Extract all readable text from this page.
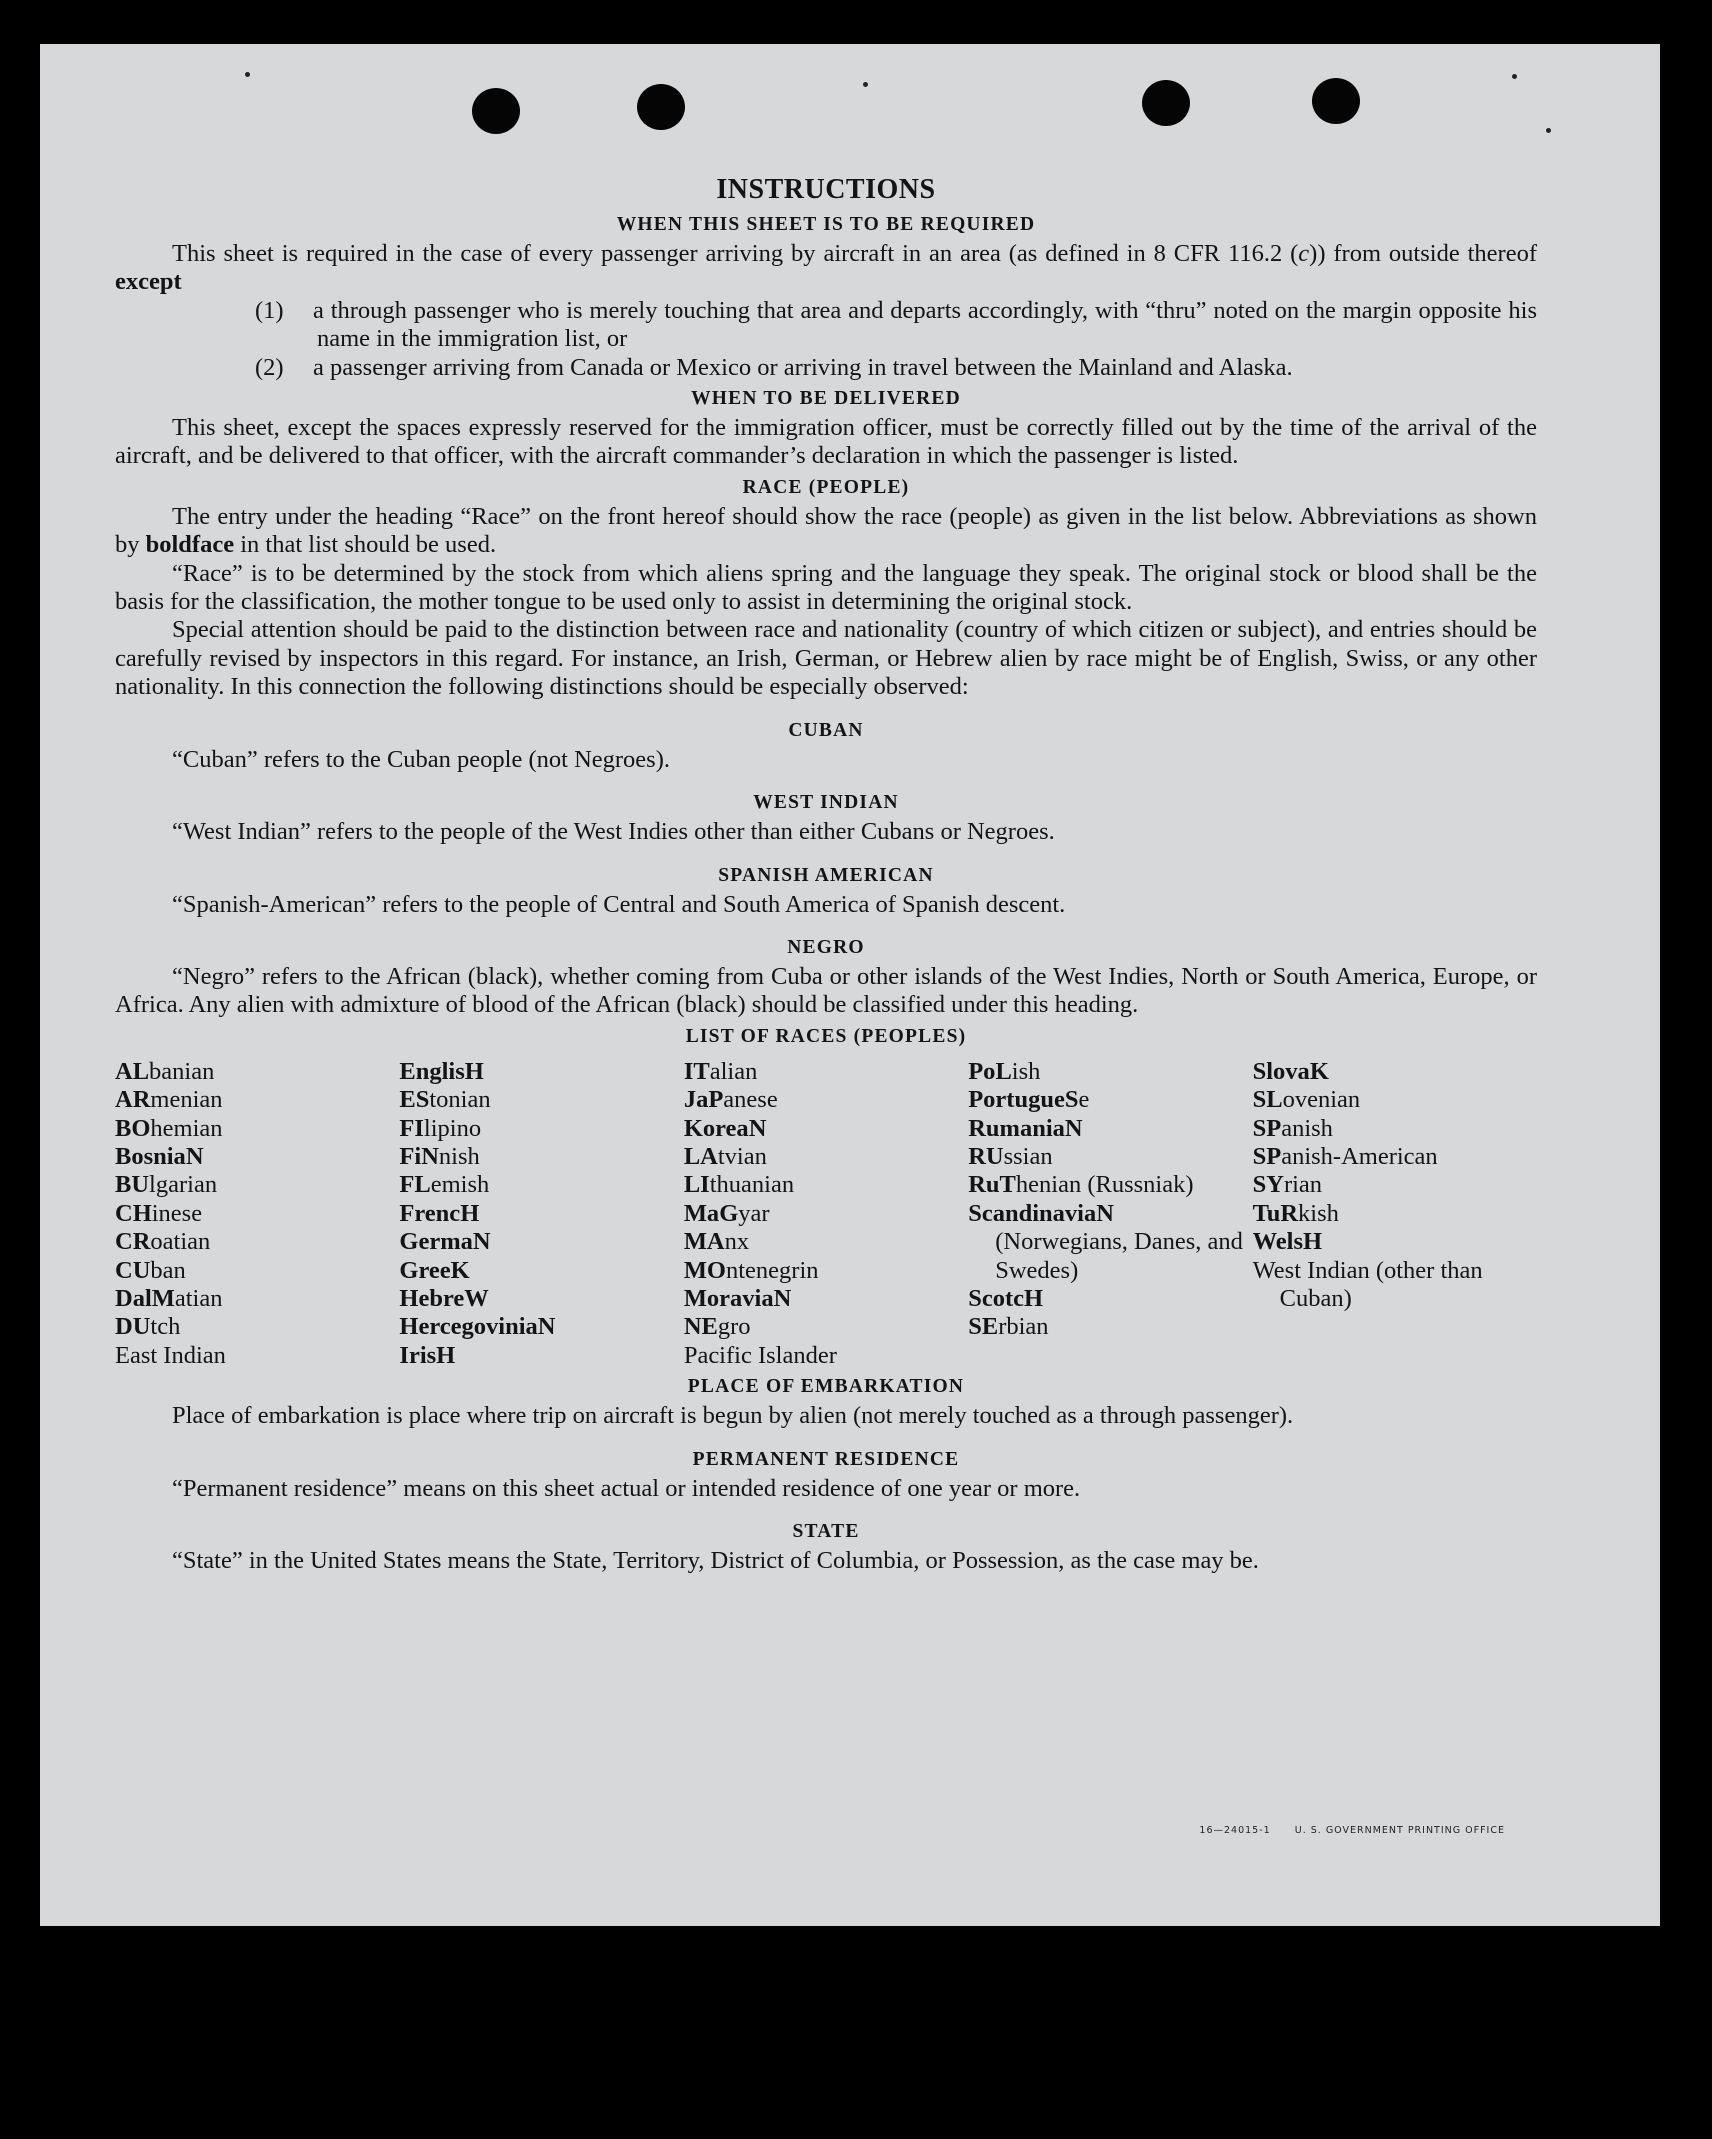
INSTRUCTIONS
WHEN THIS SHEET IS TO BE REQUIRED

This sheet is required in the case of every passenger arriving by aircraft in an area (as defined in 8 CFR 116.2 (c)) from outside thereof except

(1) a through passenger who is merely touching that area and departs accordingly, with “thru” noted on the margin opposite his name in the immigration list, or
(2) a passenger arriving from Canada or Mexico or arriving in travel between the Mainland and Alaska.
WHEN TO BE DELIVERED

This sheet, except the spaces expressly reserved for the immigration officer, must be correctly filled out by the time of the arrival of the aircraft, and be delivered to that officer, with the aircraft commander’s declaration in which the passenger is listed.

RACE (PEOPLE)

The entry under the heading “Race” on the front hereof should show the race (people) as given in the list below. Abbreviations as shown by boldface in that list should be used.

“Race” is to be determined by the stock from which aliens spring and the language they speak. The original stock or blood shall be the basis for the classification, the mother tongue to be used only to assist in determining the original stock.

Special attention should be paid to the distinction between race and nationality (country of which citizen or subject), and entries should be carefully revised by inspectors in this regard. For instance, an Irish, German, or Hebrew alien by race might be of English, Swiss, or any other nationality. In this connection the following distinctions should be especially observed:

CUBAN

“Cuban” refers to the Cuban people (not Negroes).

WEST INDIAN

“West Indian” refers to the people of the West Indies other than either Cubans or Negroes.

SPANISH AMERICAN

“Spanish-American” refers to the people of Central and South America of Spanish descent.

NEGRO

“Negro” refers to the African (black), whether coming from Cuba or other islands of the West Indies, North or South America, Europe, or Africa. Any alien with admixture of blood of the African (black) should be classified under this heading.

LIST OF RACES (PEOPLES)
ALbanian
ARmenian
BOhemian
BosniaN
BUlgarian
CHinese
CRoatian
CUban
DalMatian
DUtch
East Indian
EnglisH
EStonian
FIlipino
FiNnish
FLemish
FrencH
GermaN
GreeK
HebreW
HercegoviniaN
IrisH
ITalian
JaPanese
KoreaN
LAtvian
LIthuanian
MaGyar
MAnx
MOntenegrin
MoraviaN
NEgro
Pacific Islander
PoLish
PortugueSe
RumaniaN
RUssian
RuThenian (Russniak)
ScandinaviaN (Norwegians, Danes, and Swedes)
ScotcH
SErbian
SlovaK
SLovenian
SPanish
SPanish-American
SYrian
TuRkish
WelsH
West Indian (other than Cuban)
PLACE OF EMBARKATION

Place of embarkation is place where trip on aircraft is begun by alien (not merely touched as a through passenger).

PERMANENT RESIDENCE

“Permanent residence” means on this sheet actual or intended residence of one year or more.

STATE

“State” in the United States means the State, Territory, District of Columbia, or Possession, as the case may be.

16—24015-1	U. S. GOVERNMENT PRINTING OFFICE
